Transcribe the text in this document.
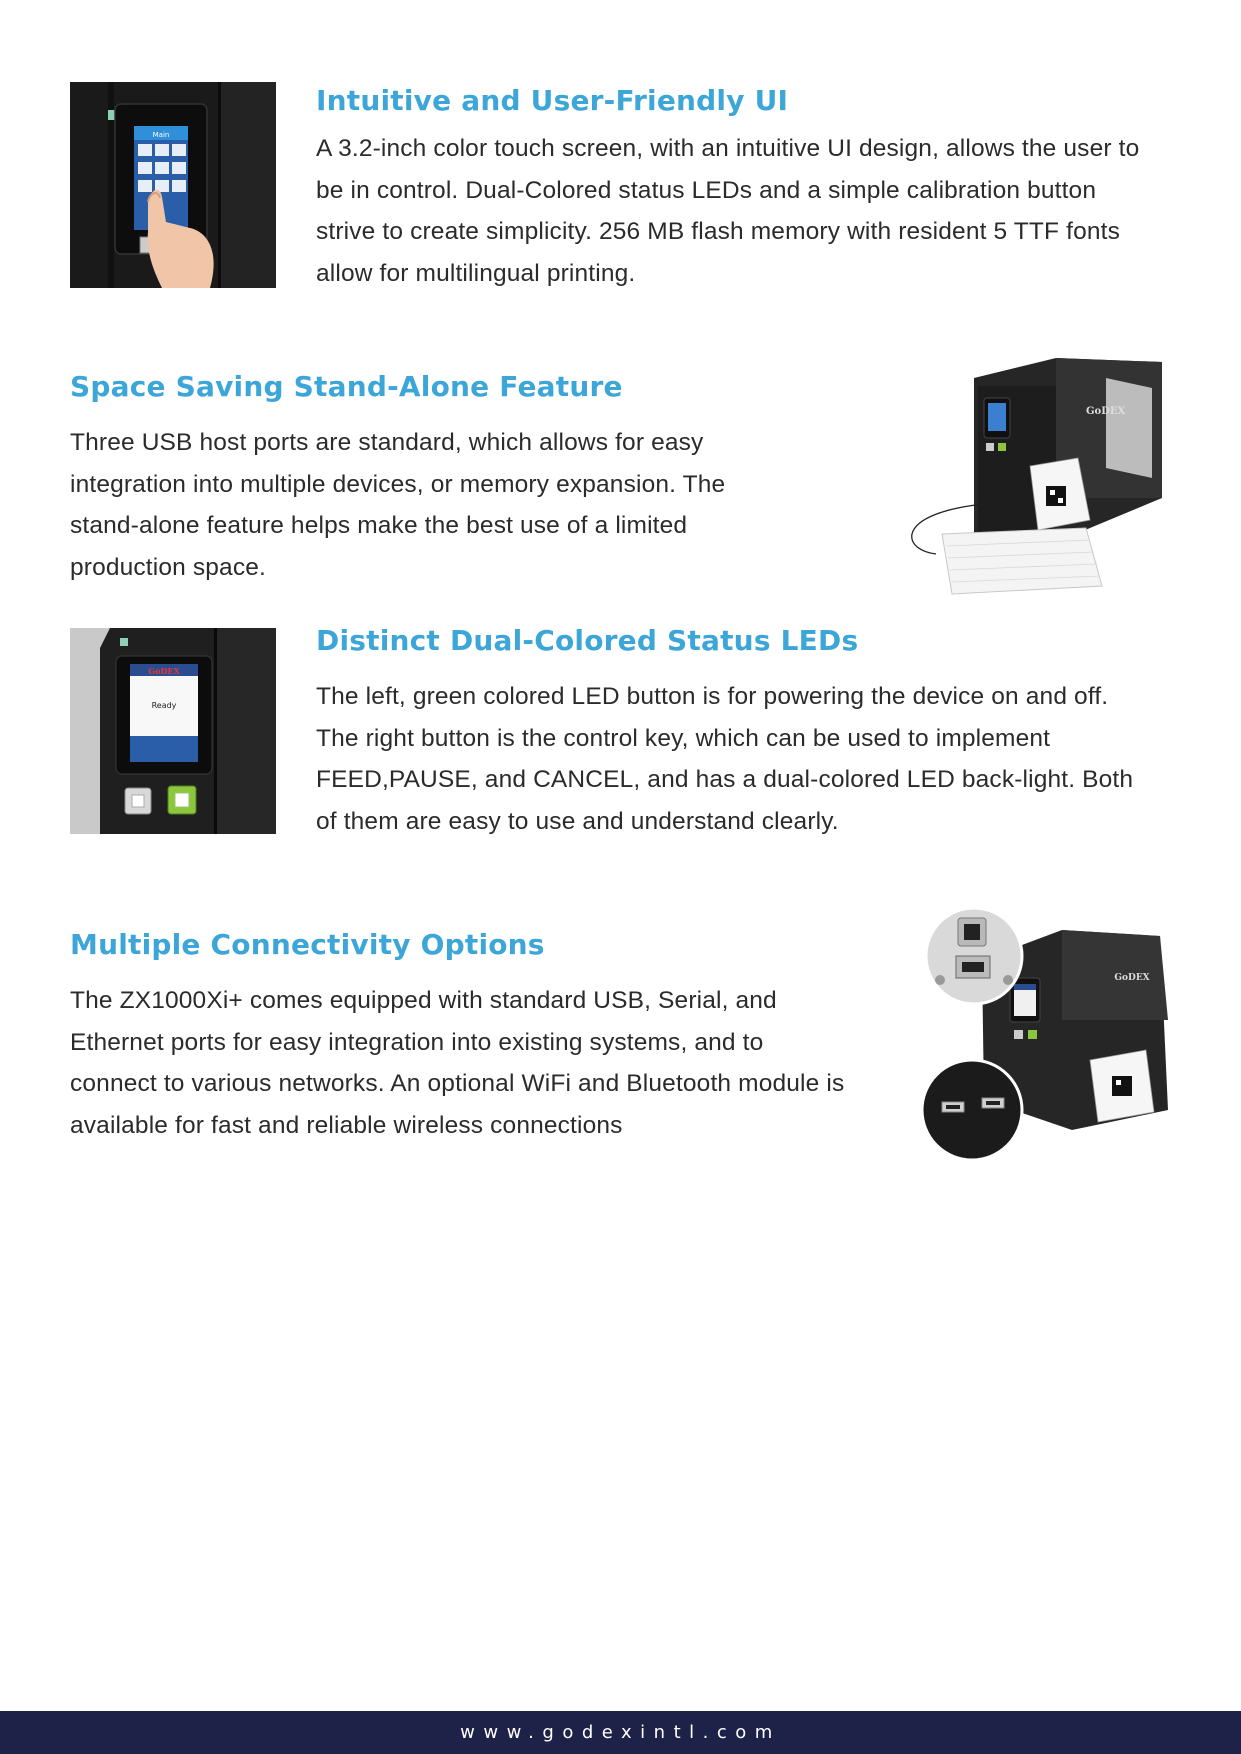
Main
Intuitive and User-Friendly UI

A 3.2-inch color touch screen, with an intuitive UI design, allows the user to be in control. Dual-Colored status LEDs and a simple calibration button strive to create simplicity. 256 MB flash memory with resident 5 TTF fonts allow for multilingual printing.

Space Saving Stand-Alone Feature

Three USB host ports are standard, which allows for easy integration into multiple devices, or memory expansion. The stand-alone feature helps make the best use of a limited production space.

GoDEX
GoDEX
Ready
Distinct Dual-Colored Status LEDs

The left, green colored LED button is for powering the device on and off. The right button is the control key, which can be used to implement FEED,PAUSE, and CANCEL, and has a dual-colored LED back-light. Both of them are easy to use and understand clearly.

Multiple Connectivity Options

The ZX1000Xi+ comes equipped with standard USB, Serial, and Ethernet ports for easy integration into existing systems, and to connect to various networks. An optional WiFi and Bluetooth module is available for fast and reliable wireless connections

GoDEX
www.godexintl.com
